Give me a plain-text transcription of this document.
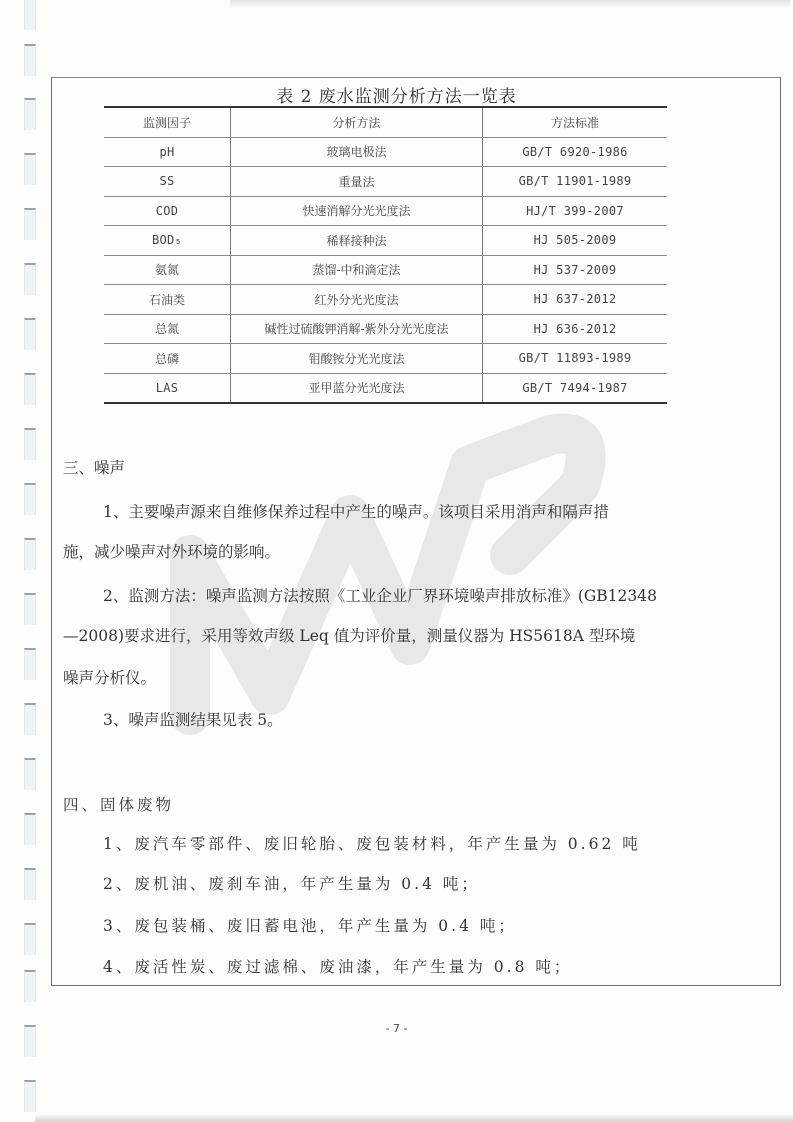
表 2 废水监测分析方法一览表
监测因子	分析方法	方法标准
pH	玻璃电极法	GB/T 6920-1986
SS	重量法	GB/T 11901-1989
COD	快速消解分光光度法	HJ/T 399-2007
BOD₅	稀释接种法	HJ 505-2009
氨氮	蒸馏-中和滴定法	HJ 537-2009
石油类	红外分光光度法	HJ 637-2012
总氮	碱性过硫酸钾消解-紫外分光光度法	HJ 636-2012
总磷	钼酸铵分光光度法	GB/T 11893-1989
LAS	亚甲蓝分光光度法	GB/T 7494-1987
三、噪声
1、主要噪声源来自维修保养过程中产生的噪声。该项目采用消声和隔声措
施，减少噪声对外环境的影响。
2、监测方法：噪声监测方法按照《工业企业厂界环境噪声排放标准》(GB12348
—2008)要求进行，采用等效声级 Leq 值为评价量，测量仪器为 HS5618A 型环境
噪声分析仪。
3、噪声监测结果见表 5。
四、固体废物
1、废汽车零部件、废旧轮胎、废包装材料，年产生量为 0.62 吨
2、废机油、废刹车油，年产生量为 0.4 吨；
3、废包装桶、废旧蓄电池，年产生量为 0.4 吨；
4、废活性炭、废过滤棉、废油漆，年产生量为 0.8 吨；
- 7 -
